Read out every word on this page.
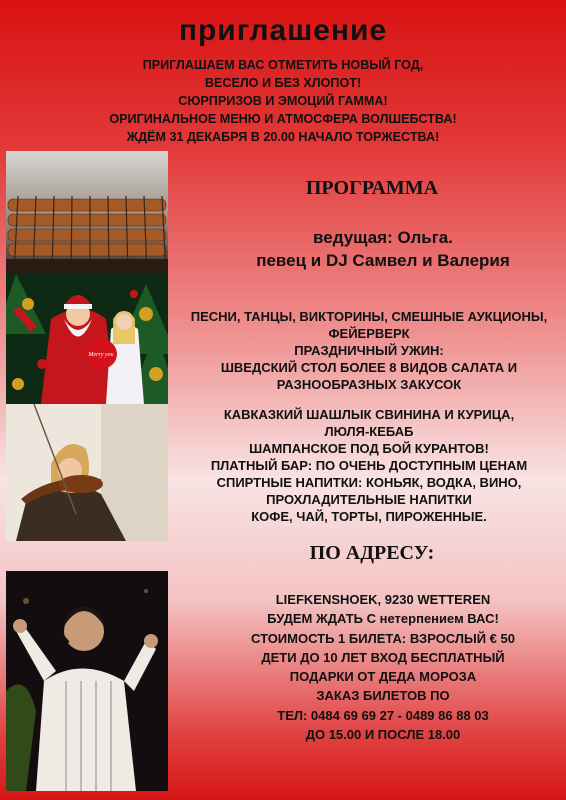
приглашение
ПРИГЛАШАЕМ ВАС ОТМЕТИТЬ НОВЫЙ ГОД,
ВЕСЕЛО И БЕЗ ХЛОПОТ!
СЮРПРИЗОВ И ЭМОЦИЙ ГАММА!
ОРИГИНАЛЬНОЕ МЕНЮ И АТМОСФЕРА ВОЛШЕБСТВА!
ЖДЁМ 31 ДЕКАБРЯ В 20.00 НАЧАЛО ТОРЖЕСТВА!
Merry you
ПРОГРАММА
ведущая: Ольга.
певец и DJ Самвел и Валерия
ПЕСНИ, ТАНЦЫ, ВИКТОРИНЫ, СМЕШНЫЕ АУКЦИОНЫ,
ФЕЙЕРВЕРК
ПРАЗДНИЧНЫЙ УЖИН:
ШВЕДСКИЙ СТОЛ БОЛЕЕ 8 ВИДОВ САЛАТА И
РАЗНООБРАЗНЫХ ЗАКУСОК
КАВКАЗКИЙ ШАШЛЫК СВИНИНА И КУРИЦА,
ЛЮЛЯ-КЕБАБ
ШАМПАНСКОЕ ПОД БОЙ КУРАНТОВ!
ПЛАТНЫЙ БАР: ПО ОЧЕНЬ ДОСТУПНЫМ ЦЕНАМ
СПИРТНЫЕ НАПИТКИ: КОНЬЯК, ВОДКА, ВИНО,
ПРОХЛАДИТЕЛЬНЫЕ НАПИТКИ
КОФЕ, ЧАЙ, ТОРТЫ, ПИРОЖЕННЫЕ.
ПО АДРЕСУ:
LIEFKENSHOEK, 9230 WETTEREN
БУДЕМ ЖДАТЬ С нетерпением ВАС!
СТОИМОСТЬ 1 БИЛЕТА: ВЗРОСЛЫЙ € 50
ДЕТИ ДО 10 ЛЕТ ВХОД БЕСПЛАТНЫЙ
ПОДАРКИ ОТ ДЕДА МОРОЗА
ЗАКАЗ БИЛЕТОВ ПО
ТЕЛ: 0484 69 69 27 - 0489 86 88 03
ДО 15.00 И ПОСЛЕ 18.00
